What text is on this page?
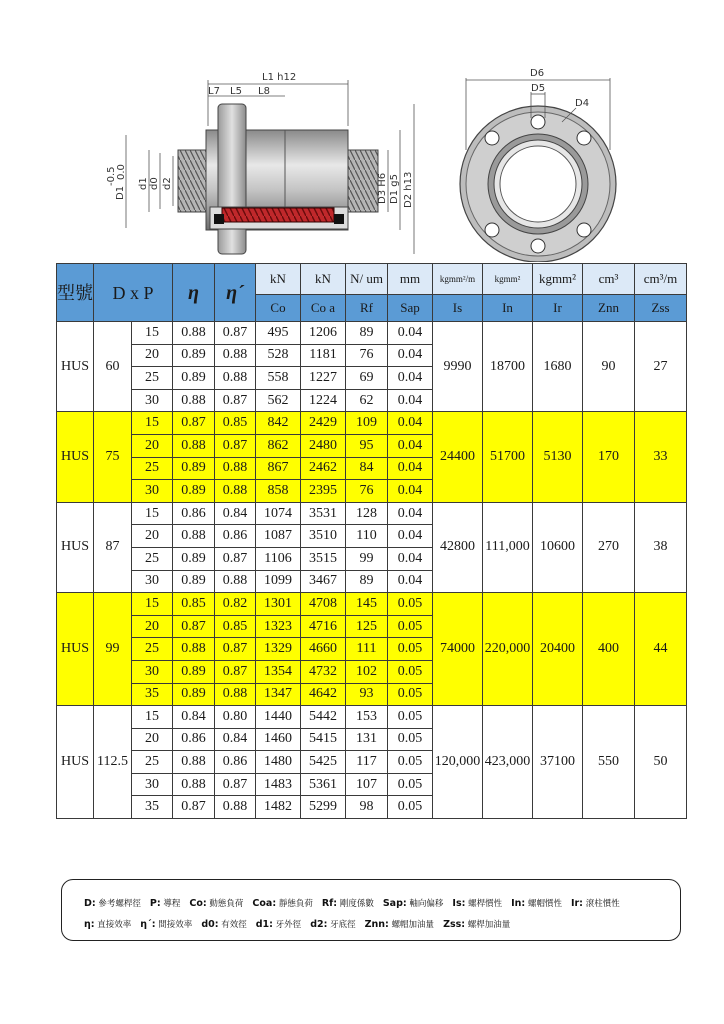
L1 h12
L7 L5 L8
D1
-0.5 0.0
d1 d0 d2	D3 H6 D1 g5 D2 h13
D6
D5
D4
型號	D x P		η	η´	kN	kN	N/ um	mm	kgmm²/m	kgmm²	kgmm²	cm³	cm³/m
					Co	Co a	Rf	Sap	Is	In	Ir	Znn	Zss
HUS	60	15	0.88	0.87	495	1206	89	0.04	9990	18700	1680	90	27
		20	0.89	0.88	528	1181	76	0.04					
		25	0.89	0.88	558	1227	69	0.04					
		30	0.88	0.87	562	1224	62	0.04					
HUS	75	15	0.87	0.85	842	2429	109	0.04	24400	51700	5130	170	33
		20	0.88	0.87	862	2480	95	0.04					
		25	0.89	0.88	867	2462	84	0.04					
		30	0.89	0.88	858	2395	76	0.04					
HUS	87	15	0.86	0.84	1074	3531	128	0.04	42800	111,000	10600	270	38
		20	0.88	0.86	1087	3510	110	0.04					
		25	0.89	0.87	1106	3515	99	0.04					
		30	0.89	0.88	1099	3467	89	0.04					
HUS	99	15	0.85	0.82	1301	4708	145	0.05	74000	220,000	20400	400	44
		20	0.87	0.85	1323	4716	125	0.05					
		25	0.88	0.87	1329	4660	111	0.05					
		30	0.89	0.87	1354	4732	102	0.05					
		35	0.89	0.88	1347	4642	93	0.05					
HUS	112.5	15	0.84	0.80	1440	5442	153	0.05	120,000	423,000	37100	550	50
		20	0.86	0.84	1460	5415	131	0.05					
		25	0.88	0.86	1480	5425	117	0.05					
		30	0.88	0.87	1483	5361	107	0.05					
		35	0.87	0.88	1482	5299	98	0.05					
D: 參考螺桿徑 P: 導程 Co: 動態負荷 Coa: 靜態負荷 Rf: 剛度係數 Sap: 軸向偏移 Is: 螺桿慣性 In: 螺帽慣性 Ir: 滾柱慣性
η: 直接效率 η´: 間接效率 d0: 有效徑 d1: 牙外徑 d2: 牙底徑 Znn: 螺帽加油量 Zss: 螺桿加油量
